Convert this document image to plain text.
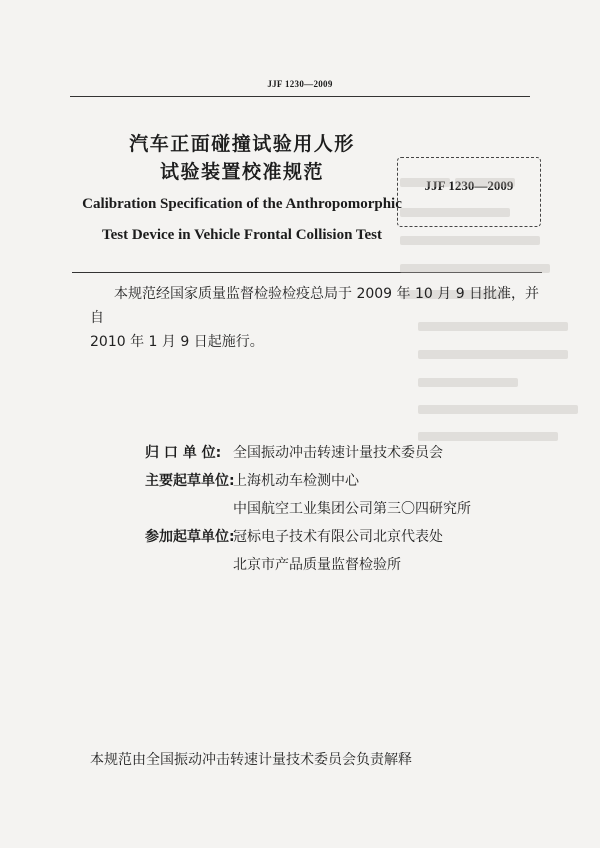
JJF 1230—2009
汽车正面碰撞试验用人形
试验装置校准规范
JJF 1230—2009
Calibration Specification of the Anthropomorphic
Test Device in Vehicle Frontal Collision Test
本规范经国家质量监督检验检疫总局于 2009 年 10 月 9 日批准，并自
2010 年 1 月 9 日起施行。
归 口 单 位: 全国振动冲击转速计量技术委员会
主要起草单位:
上海机动车检测中心
中国航空工业集团公司第三〇四研究所
参加起草单位:
冠标电子技术有限公司北京代表处
北京市产品质量监督检验所
本规范由全国振动冲击转速计量技术委员会负责解释
